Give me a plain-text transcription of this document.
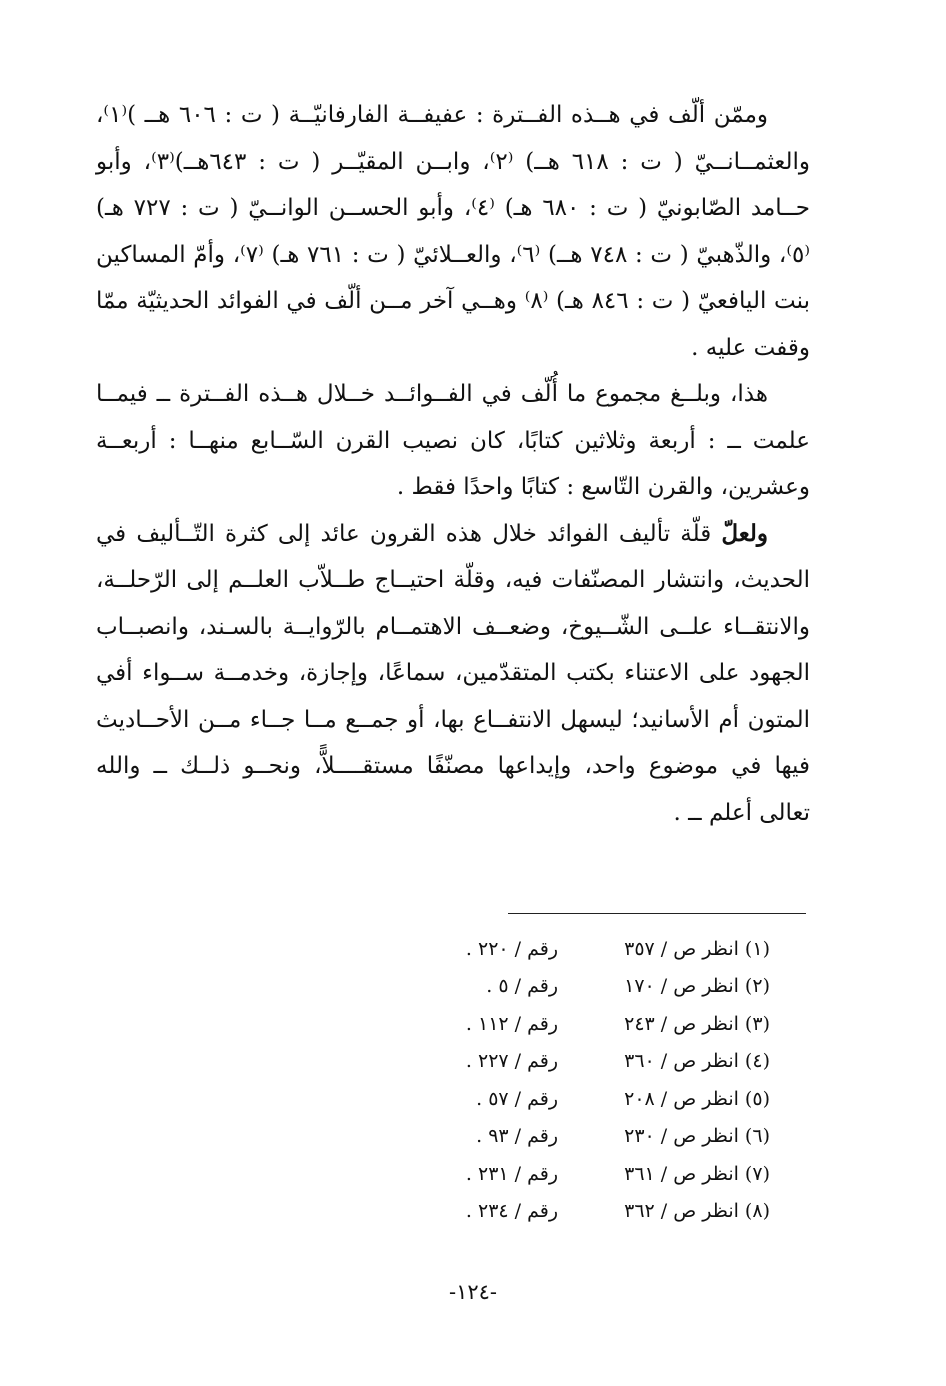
وممّن ألّف في هــذه الفــترة : عفيفــة الفارفانيّــة ( ت : ٦٠٦ هــ )⁽١⁾، والعثمــانــيّ ( ت : ٦١٨ هــ) ⁽٢⁾، وابــن المقيّــر ( ت : ٦٤٣هــ)⁽٣⁾، وأبو حــامد الصّابونيّ ( ت : ٦٨٠ هـ) ⁽٤⁾، وأبو الحســن الوانــيّ ( ت : ٧٢٧ هـ) ⁽٥⁾، والذّهبيّ ( ت : ٧٤٨ هــ) ⁽٦⁾، والعــلائيّ ( ت : ٧٦١ هـ) ⁽٧⁾، وأمّ المساكين بنت اليافعيّ ( ت : ٨٤٦ هـ) ⁽٨⁾ وهــي آخر مــن ألّف في الفوائد الحديثيّة ممّا وقفت عليه .

هذا، وبلــغ مجموع ما أُلّف في الفــوائــد خــلال هــذه الفــترة ــ فيمــا علمت ــ : أربعة وثلاثين كتابًا، كان نصيب القرن السّــابع منهــا : أربعــة وعشرين، والقرن التّاسع : كتابًا واحدًا فقط .

ولعلّ قلّة تأليف الفوائد خلال هذه القرون عائد إلى كثرة التّــأليف في الحديث، وانتشار المصنّفات فيه، وقلّة احتيــاج طــلاّب العلــم إلى الرّحلــة، والانتقــاء علــى الشّــيوخ، وضعــف الاهتمــام بالرّوايــة بالسـند، وانصبــاب الجهود على الاعتناء بكتب المتقدّمين، سماعًا، وإجازة، وخدمــة ســواء أفي المتون أم الأسانيد؛ ليسهل الانتفــاع بها، أو جمــع مــا جــاء مــن الأحــاديث فيها في موضوع واحد، وإيداعها مصنّفًا مستقــــلاًّ، ونحــو ذلــك ــ والله تعالى أعلم ــ .

(١) انظر ص / ٣٥٧
رقم / ٢٢٠ .
(٢) انظر ص / ١٧٠
رقم / ٥ .
(٣) انظر ص / ٢٤٣
رقم / ١١٢ .
(٤) انظر ص / ٣٦٠
رقم / ٢٢٧ .
(٥) انظر ص / ٢٠٨
رقم / ٥٧ .
(٦) انظر ص / ٢٣٠
رقم / ٩٣ .
(٧) انظر ص / ٣٦١
رقم / ٢٣١ .
(٨) انظر ص / ٣٦٢
رقم / ٢٣٤ .
-١٢٤-
